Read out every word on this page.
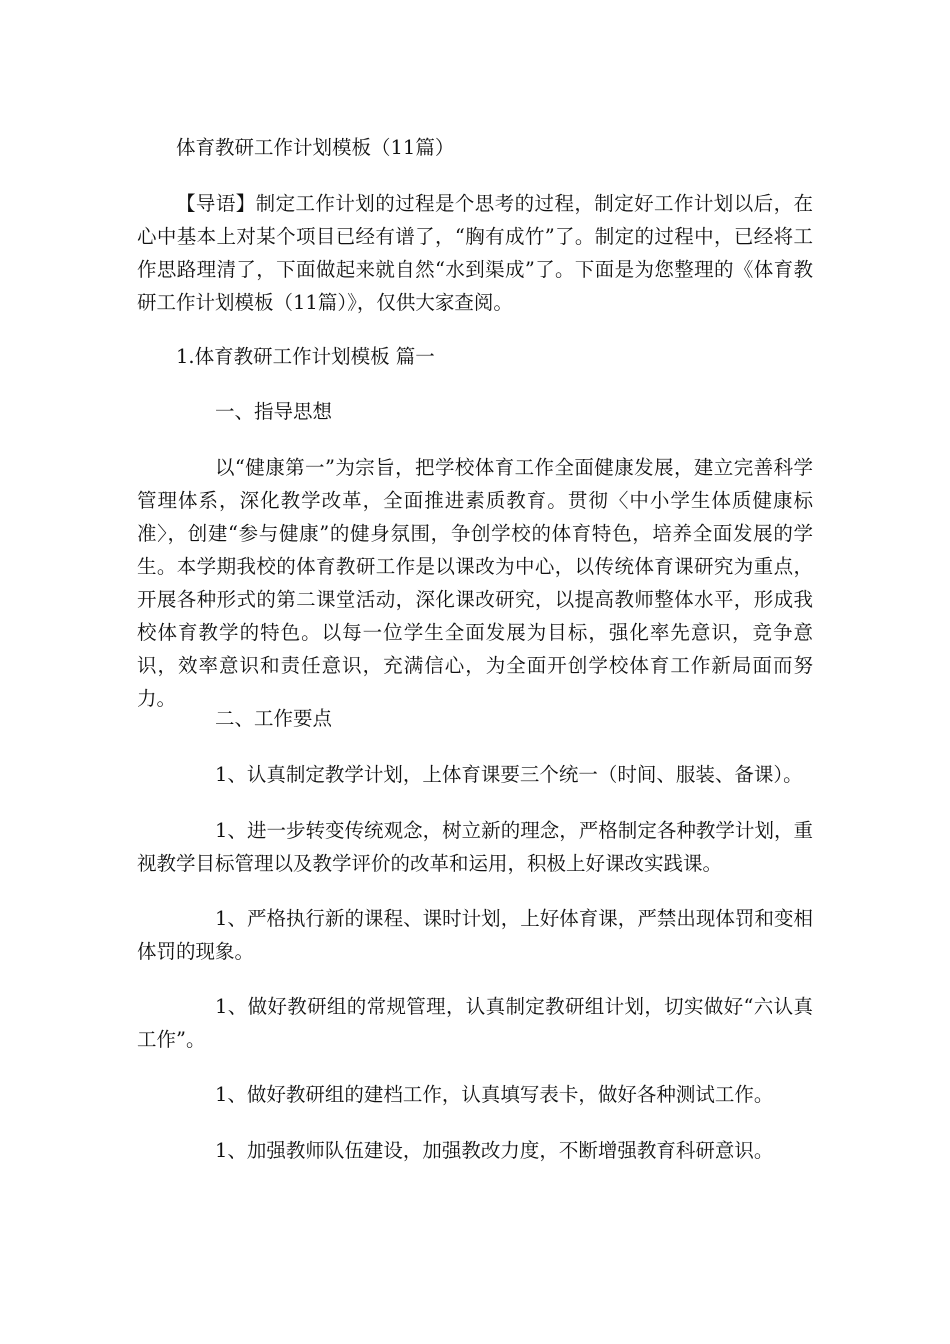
体育教研工作计划模板（11篇）

【导语】制定工作计划的过程是个思考的过程，制定好工作计划以后，在心中基本上对某个项目已经有谱了，“胸有成竹”了。制定的过程中，已经将工作思路理清了，下面做起来就自然“水到渠成”了。下面是为您整理的《体育教研工作计划模板（11篇）》，仅供大家查阅。

1.体育教研工作计划模板 篇一

一、指导思想

以“健康第一”为宗旨，把学校体育工作全面健康发展，建立完善科学管理体系，深化教学改革，全面推进素质教育。贯彻〈中小学生体质健康标准〉，创建“参与健康”的健身氛围，争创学校的体育特色，培养全面发展的学生。本学期我校的体育教研工作是以课改为中心，以传统体育课研究为重点，开展各种形式的第二课堂活动，深化课改研究，以提高教师整体水平，形成我校体育教学的特色。以每一位学生全面发展为目标，强化率先意识，竞争意识，效率意识和责任意识，充满信心，为全面开创学校体育工作新局面而努力。

二、工作要点

1、认真制定教学计划，上体育课要三个统一（时间、服装、备课）。

1、进一步转变传统观念，树立新的理念，严格制定各种教学计划，重视教学目标管理以及教学评价的改革和运用，积极上好课改实践课。

1、严格执行新的课程、课时计划，上好体育课，严禁出现体罚和变相体罚的现象。

1、做好教研组的常规管理，认真制定教研组计划，切实做好“六认真工作”。

1、做好教研组的建档工作，认真填写表卡，做好各种测试工作。

1、加强教师队伍建设，加强教改力度，不断增强教育科研意识。
